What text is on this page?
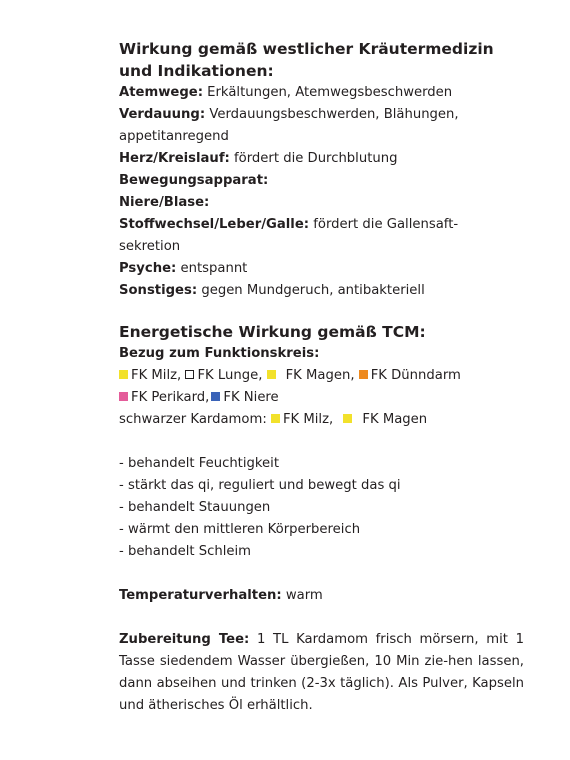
Wirkung gemäß westlicher Kräutermedizin
und Indikationen:

Atemwege: Erkältungen, Atemwegsbeschwerden

Verdauung: Verdauungsbeschwerden, Blähungen,

appetitanregend

Herz/Kreislauf: fördert die Durchblutung

Bewegungsapparat:

Niere/Blase:

Stoffwechsel/Leber/Galle: fördert die Gallensaft-

sekretion

Psyche: entspannt

Sonstiges: gegen Mundgeruch, antibakteriell

Energetische Wirkung gemäß TCM:

Bezug zum Funktionskreis:

FK Milz, FK Lunge, FK Magen, FK Dünndarm

FK Perikard, FK Niere

schwarzer Kardamom: FK Milz, FK Magen

- behandelt Feuchtigkeit

- stärkt das qi, reguliert und bewegt das qi

- behandelt Stauungen

- wärmt den mittleren Körperbereich

- behandelt Schleim

Temperaturverhalten: warm

Zubereitung Tee: 1 TL Kardamom frisch mörsern, mit 1 Tasse siedendem Wasser übergießen, 10 Min zie-hen lassen, dann abseihen und trinken (2-3x täglich). Als Pulver, Kapseln und ätherisches Öl erhältlich.
